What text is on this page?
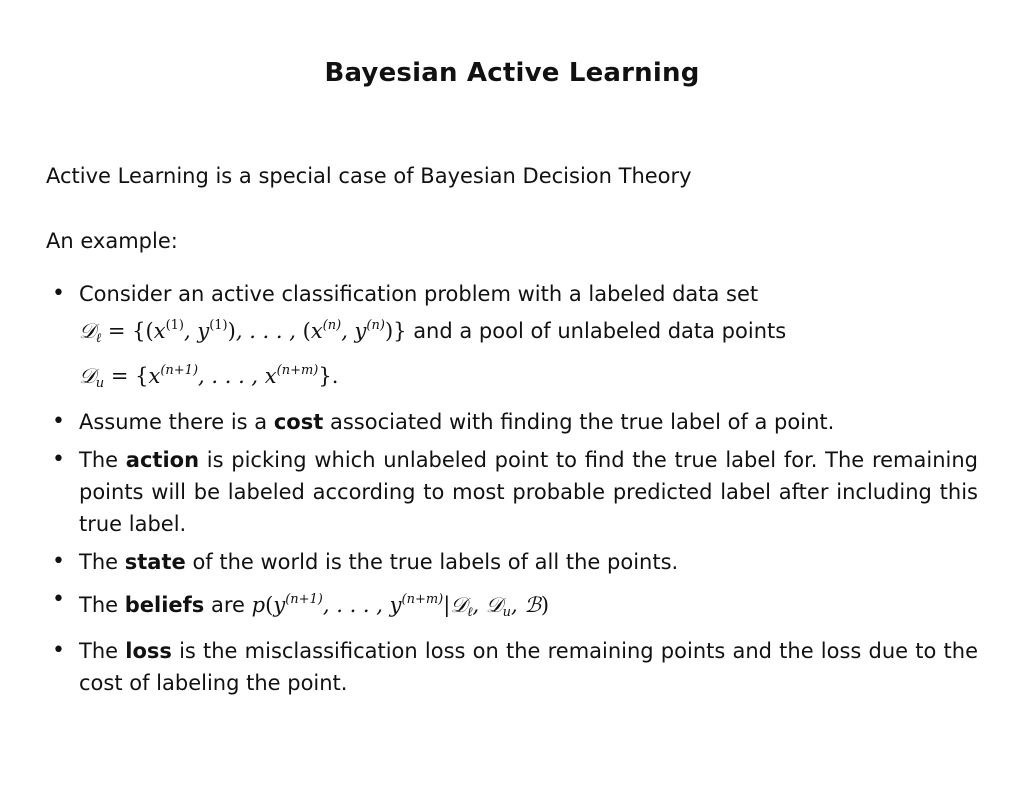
Bayesian Active Learning
Active Learning is a special case of Bayesian Decision Theory
An example:
• Consider an active classification problem with a labeled data set
𝒟$_\ell$ = {($x^{(1)}$, $y^{(1)}$), . . . , ($x^{(n)}$, $y^{(n)}$)} and a pool of unlabeled data points
𝒟$_u$ = {$x^{(n+1)}$, . . . , $x^{(n+m)}$}.
• Assume there is a cost associated with finding the true label of a point.
• The action is picking which unlabeled point to find the true label for. The remaining points will be labeled according to most probable predicted label after including this true label.
• The state of the world is the true labels of all the points.
• The beliefs are $p(y^{(n+1)}$, . . . , $y^{(n+m)}|𝒟_\ell$, 𝒟$_u$, ℬ)
• The loss is the misclassification loss on the remaining points and the loss due to the cost of labeling the point.
